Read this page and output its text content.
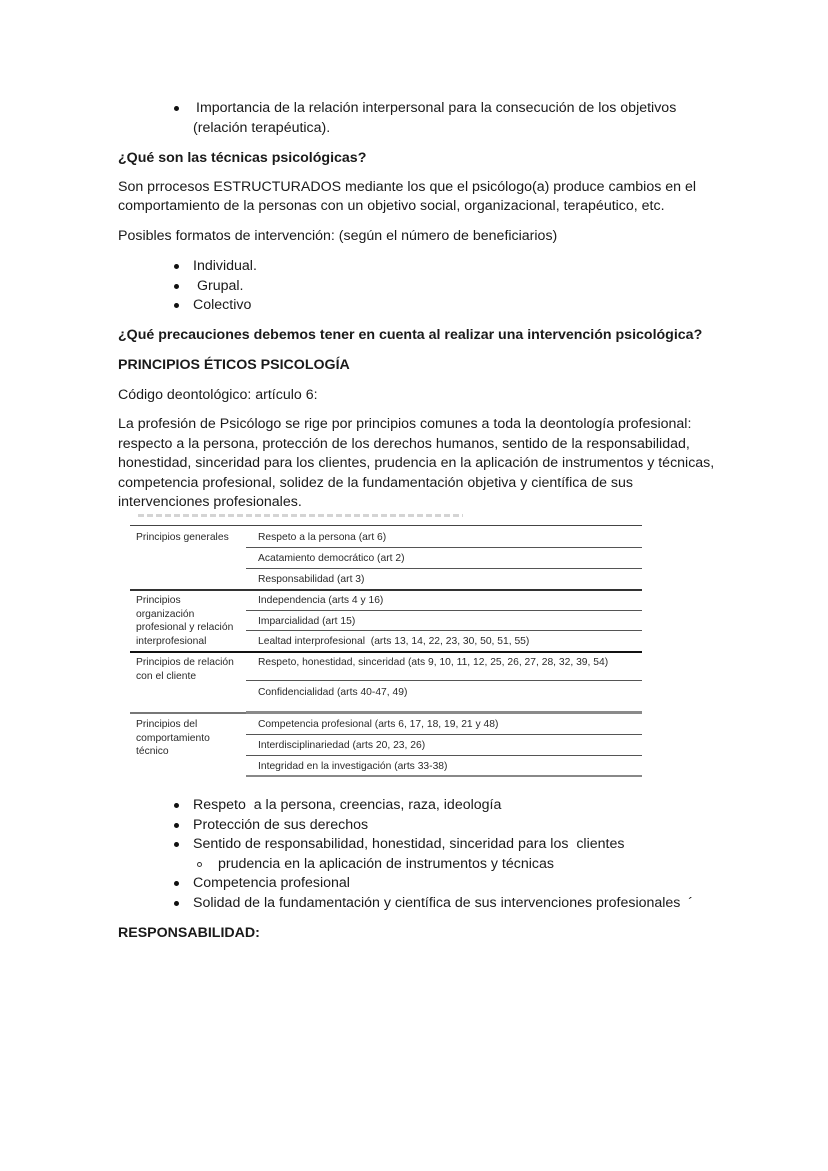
Importancia de la relación interpersonal para la consecución de los objetivos
(relación terapéutica).
¿Qué son las técnicas psicológicas?
Son prrocesos ESTRUCTURADOS mediante los que el psicólogo(a) produce cambios en el
comportamiento de la personas con un objetivo social, organizacional, terapéutico, etc.
Posibles formatos de intervención: (según el número de beneficiarios)
Individual.
Grupal.
Colectivo
¿Qué precauciones debemos tener en cuenta al realizar una intervención psicológica?
PRINCIPIOS ÉTICOS PSICOLOGÍA
Código deontológico: artículo 6:
La profesión de Psicólogo se rige por principios comunes a toda la deontología profesional:
respecto a la persona, protección de los derechos humanos, sentido de la responsabilidad,
honestidad, sinceridad para los clientes, prudencia en la aplicación de instrumentos y técnicas,
competencia profesional, solidez de la fundamentación objetiva y científica de sus
intervenciones profesionales.
Principios generales	Respeto a la persona (art 6)
Acatamiento democrático (art 2)
Responsabilidad (art 3)
Principios
organización
profesional y relación
interprofesional
Independencia (arts 4 y 16)
Imparcialidad (art 15)
Lealtad interprofesional  (arts 13, 14, 22, 23, 30, 50, 51, 55)
Principios de relación
con el cliente
Respeto, honestidad, sinceridad (ats 9, 10, 11, 12, 25, 26, 27, 28, 32, 39, 54)
Confidencialidad (arts 40-47, 49)
Principios del
comportamiento
técnico
Competencia profesional (arts 6, 17, 18, 19, 21 y 48)
Interdisciplinariedad (arts 20, 23, 26)
Integridad en la investigación (arts 33-38)
Respeto  a la persona, creencias, raza, ideología
Protección de sus derechos
Sentido de responsabilidad, honestidad, sinceridad para los  clientes
prudencia en la aplicación de instrumentos y técnicas
Competencia profesional
Solidad de la fundamentación y científica de sus intervenciones profesionales  ´
RESPONSABILIDAD:
